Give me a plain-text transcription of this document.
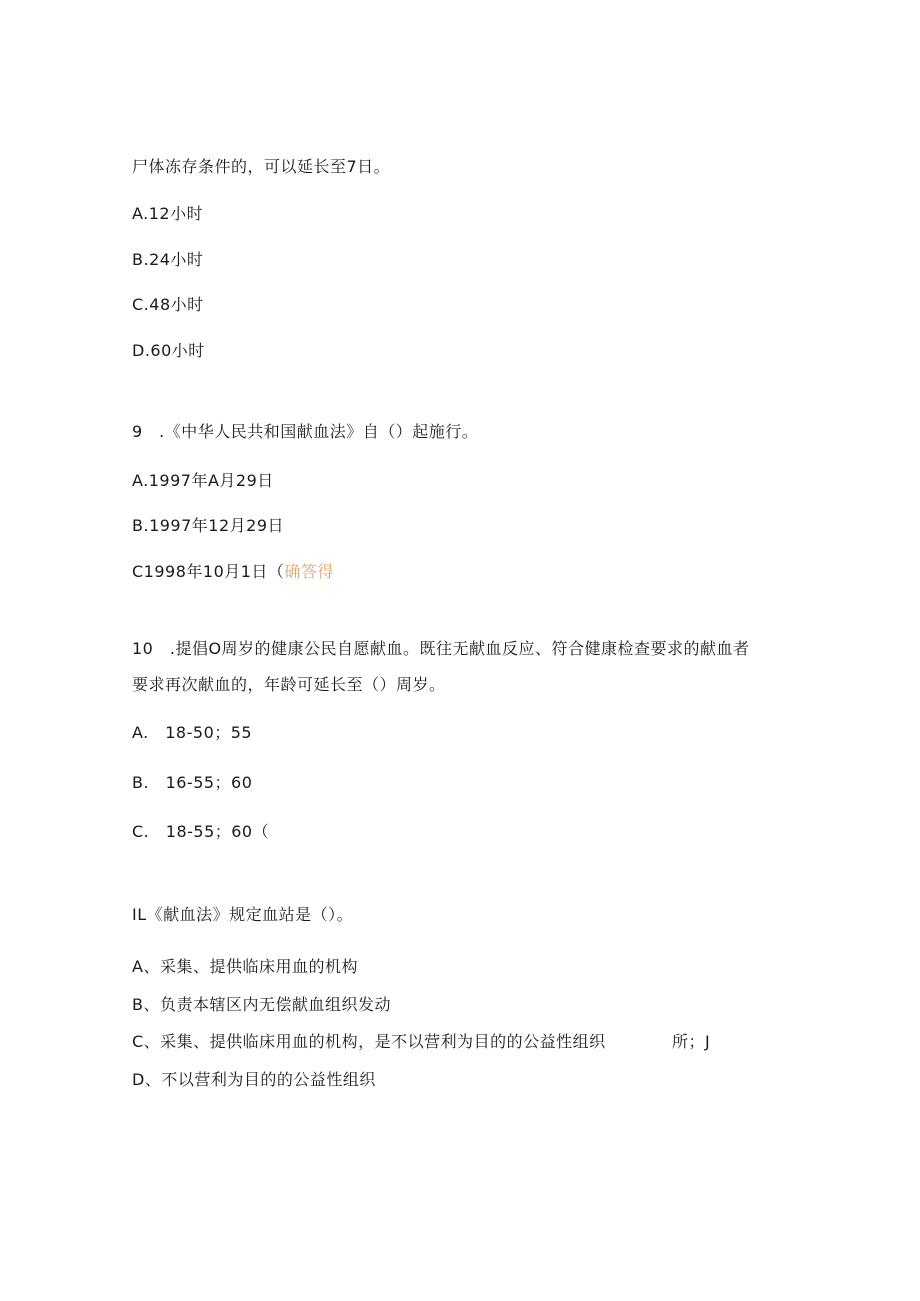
尸体冻存条件的，可以延长至7日。
A.12小时
B.24小时
C.48小时
D.60小时
9　.《中华人民共和国献血法》自（）起施行。
A.1997年A月29日
B.1997年12月29日
C1998年10月1日（确答得
10　.提倡O周岁的健康公民自愿献血。既往无献血反应、符合健康检查要求的献血者
要求再次献血的，年龄可延长至（）周岁。
A.　18-50；55
B.　16-55；60
C.　18-55；60（
IL《献血法》规定血站是（）。
A、采集、提供临床用血的机构
B、负责本辖区内无偿献血组织发动
C、采集、提供临床用血的机构，是不以营利为目的的公益性组织	所；J
D、不以营利为目的的公益性组织
